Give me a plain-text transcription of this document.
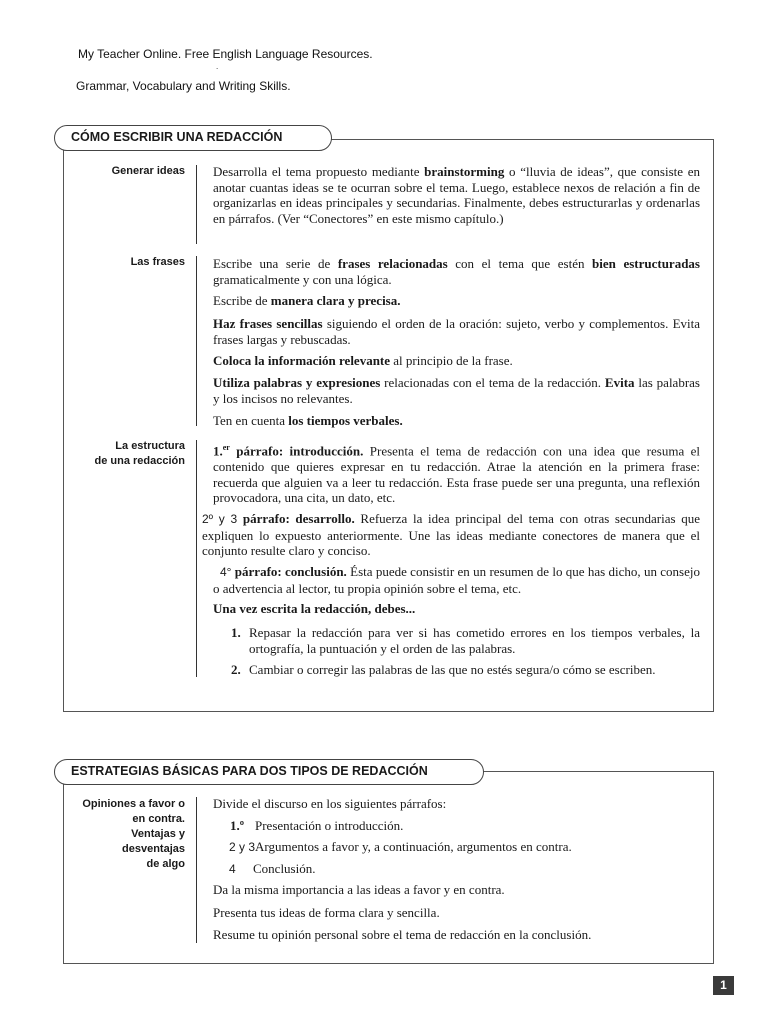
My Teacher Online. Free English Language Resources.
.
Grammar, Vocabulary and Writing Skills.
CÓMO ESCRIBIR UNA REDACCIÓN
Generar ideas Desarrolla el tema propuesto mediante brainstorming o “lluvia de ideas”, que consiste en anotar cuantas ideas se te ocurran sobre el tema. Luego, establece nexos de relación a fin de organizarlas en ideas principales y secundarias. Finalmente, debes estructurarlas y ordenarlas en párrafos. (Ver “Conectores” en este mismo capítulo.)
Las frases Escribe una serie de frases relacionadas con el tema que estén bien estructuradas gramaticalmente y con una lógica.
Escribe de manera clara y precisa.
Haz frases sencillas siguiendo el orden de la oración: sujeto, verbo y complementos. Evita frases largas y rebuscadas.
Coloca la información relevante al principio de la frase.
Utiliza palabras y expresiones relacionadas con el tema de la redacción. Evita las palabras y los incisos no relevantes.
Ten en cuenta los tiempos verbales.
La estructura
de una redacción
1.$^{er}$ párrafo: introducción. Presenta el tema de redacción con una idea que resuma el contenido que quieres expresar en tu redacción. Atrae la atención en la primera frase: recuerda que alguien va a leer tu redacción. Esta frase puede ser una pregunta, una reflexión provocadora, una cita, un dato, etc.
2º y 3 párrafo: desarrollo. Refuerza la idea principal del tema con otras secundarias que expliquen lo expuesto anteriormente. Une las ideas mediante conectores de manera que el conjunto resulte claro y conciso.
4° párrafo: conclusión. Ésta puede consistir en un resumen de lo que has dicho, un consejo o advertencia al lector, tu propia opinión sobre el tema, etc.
Una vez escrita la redacción, debes...
1. Repasar la redacción para ver si has cometido errores en los tiempos verbales, la ortografía, la puntuación y el orden de las palabras.
2. Cambiar o corregir las palabras de las que no estés segura/o cómo se escriben.
ESTRATEGIAS BÁSICAS PARA DOS TIPOS DE REDACCIÓN
Opiniones a favor o
en contra.
Ventajas y
desventajas
de algo
Divide el discurso en los siguientes párrafos:
1.º Presentación o introducción.
2 y 3Argumentos a favor y, a continuación, argumentos en contra.
4 Conclusión.
Da la misma importancia a las ideas a favor y en contra.
Presenta tus ideas de forma clara y sencilla.
Resume tu opinión personal sobre el tema de redacción en la conclusión.
1
